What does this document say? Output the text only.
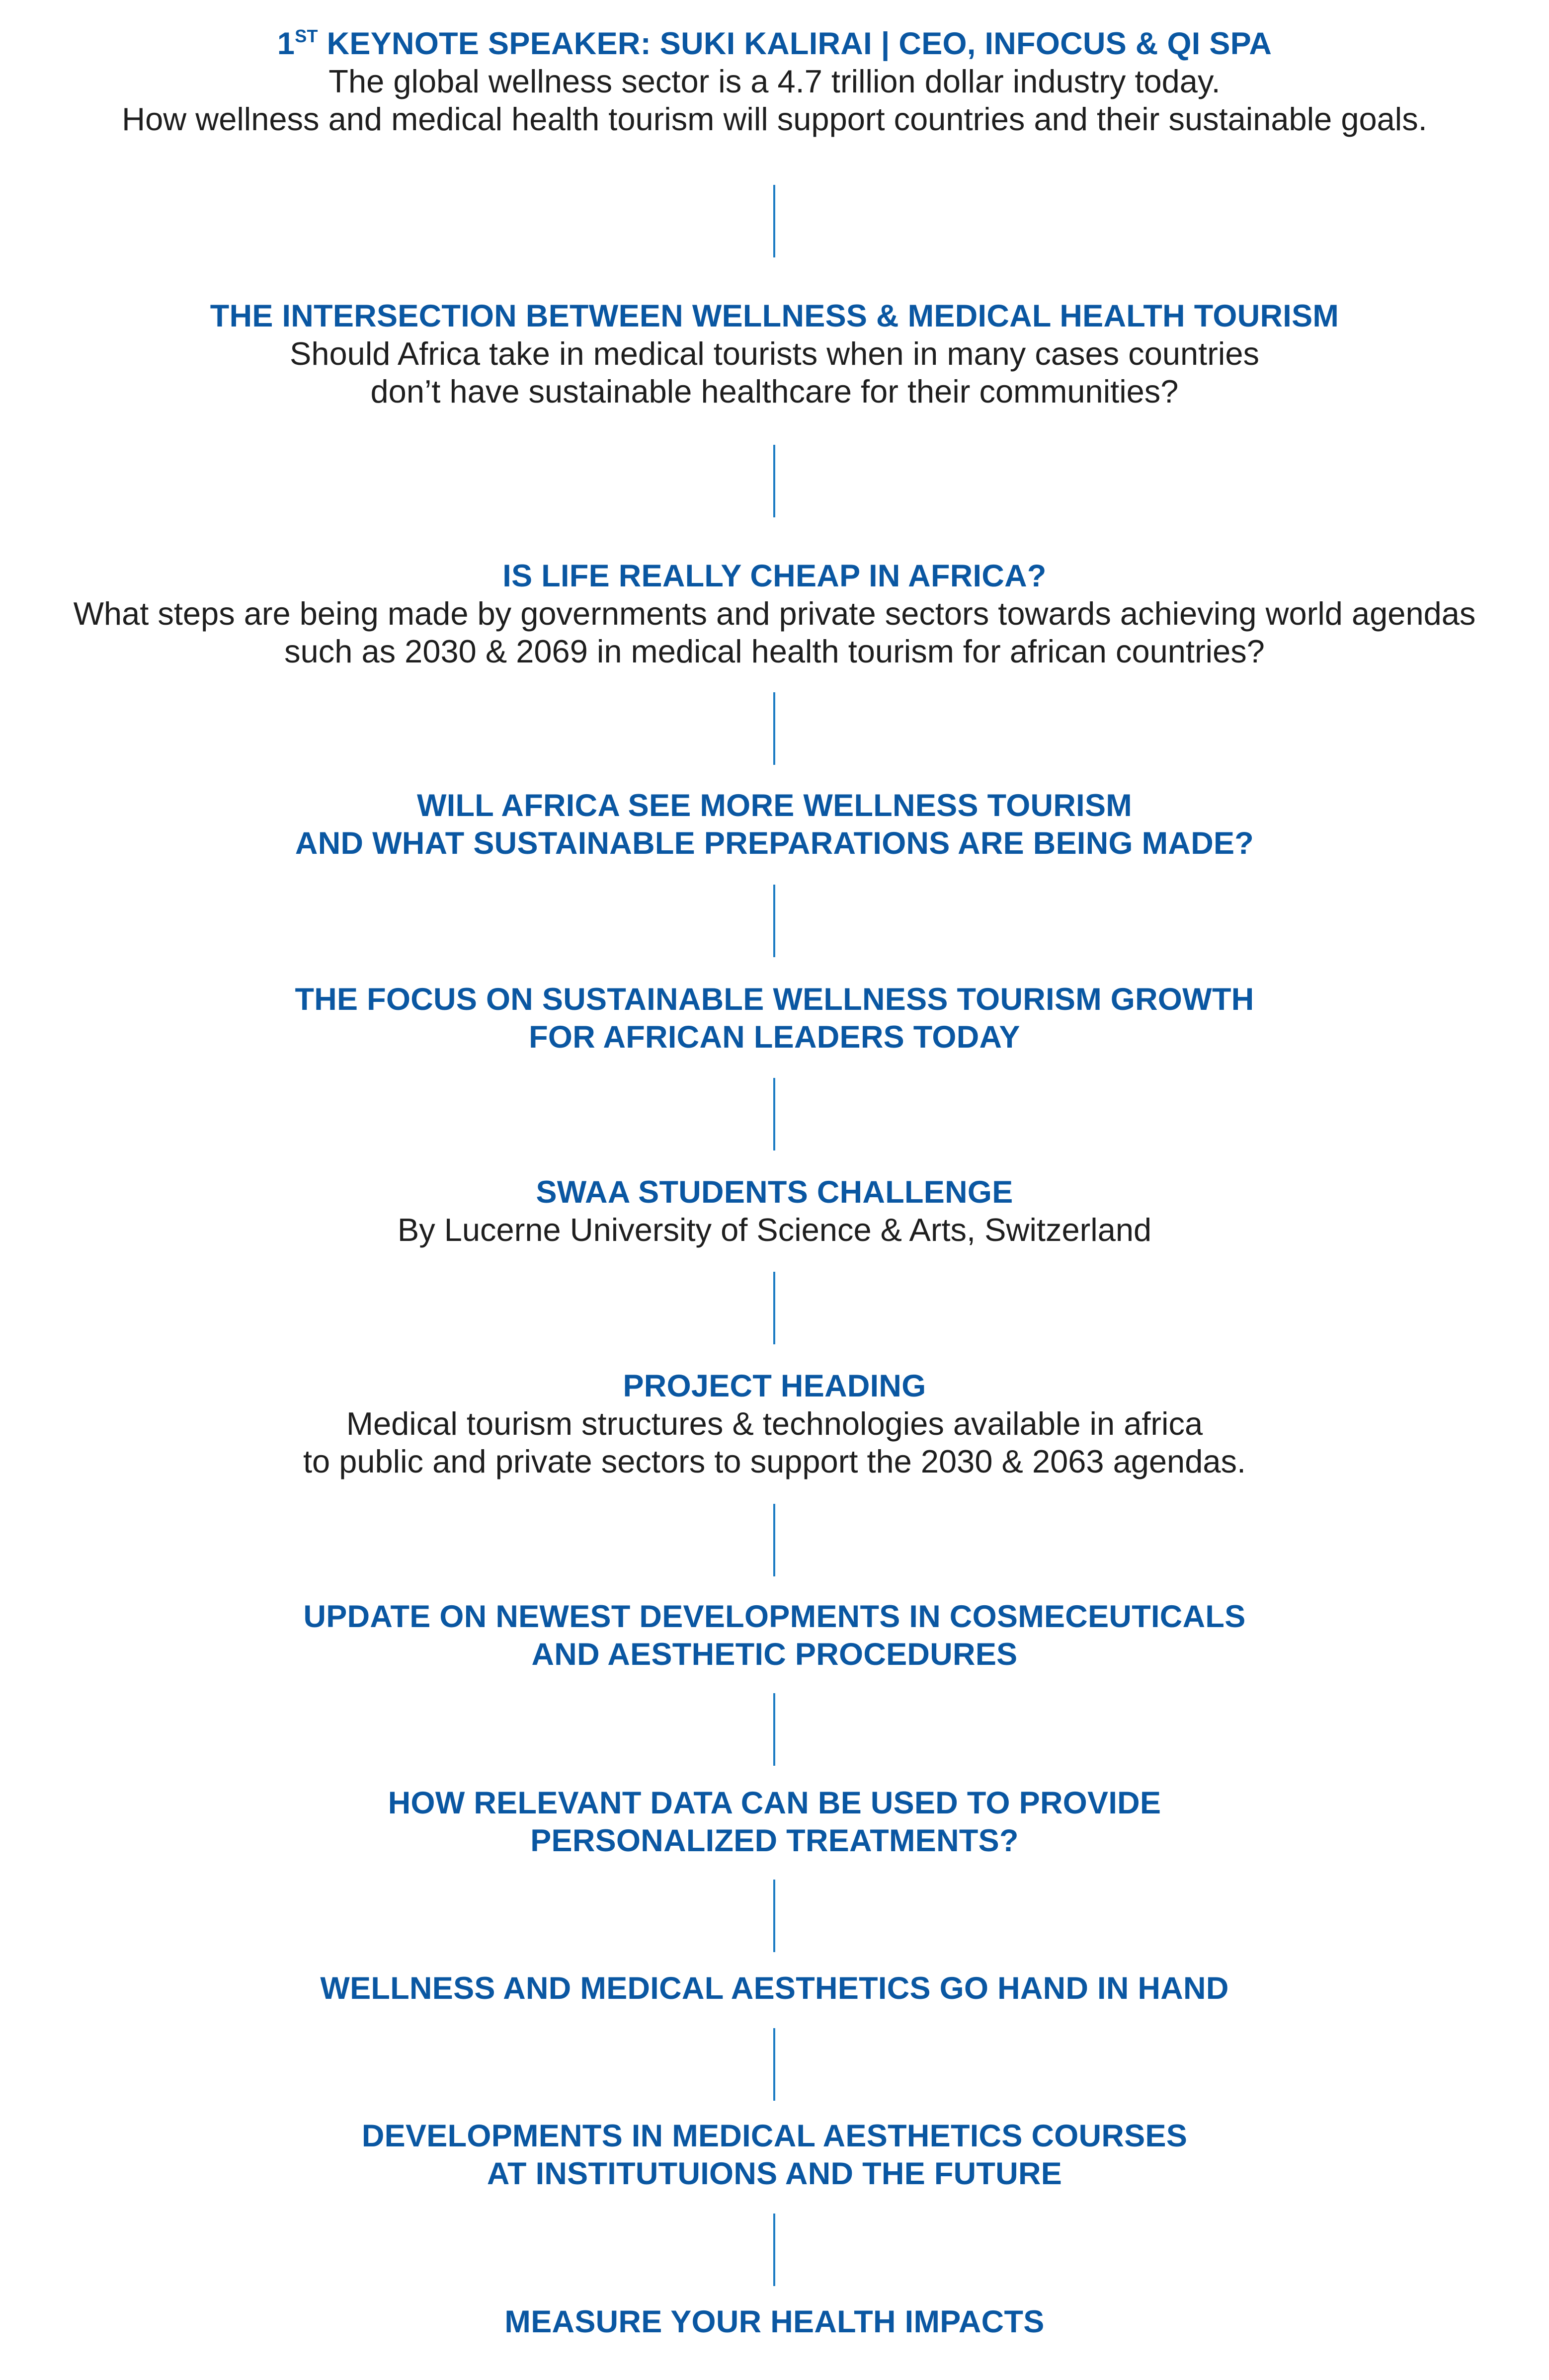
1ST KEYNOTE SPEAKER: SUKI KALIRAI | CEO, INFOCUS & QI SPA
The global wellness sector is a 4.7 trillion dollar industry today.
How wellness and medical health tourism will support countries and their sustainable goals.
THE INTERSECTION BETWEEN WELLNESS & MEDICAL HEALTH TOURISM
Should Africa take in medical tourists when in many cases countries
don’t have sustainable healthcare for their communities?
IS LIFE REALLY CHEAP IN AFRICA?
What steps are being made by governments and private sectors towards achieving world agendas
such as 2030 & 2069 in medical health tourism for african countries?
WILL AFRICA SEE MORE WELLNESS TOURISM
AND WHAT SUSTAINABLE PREPARATIONS ARE BEING MADE?
THE FOCUS ON SUSTAINABLE WELLNESS TOURISM GROWTH
FOR AFRICAN LEADERS TODAY
SWAA STUDENTS CHALLENGE
By Lucerne University of Science & Arts, Switzerland
PROJECT HEADING
Medical tourism structures & technologies available in africa
to public and private sectors to support the 2030 & 2063 agendas.
UPDATE ON NEWEST DEVELOPMENTS IN COSMECEUTICALS
AND AESTHETIC PROCEDURES
HOW RELEVANT DATA CAN BE USED TO PROVIDE
PERSONALIZED TREATMENTS?
WELLNESS AND MEDICAL AESTHETICS GO HAND IN HAND
DEVELOPMENTS IN MEDICAL AESTHETICS COURSES
AT INSTITUTUIONS AND THE FUTURE
MEASURE YOUR HEALTH IMPACTS
